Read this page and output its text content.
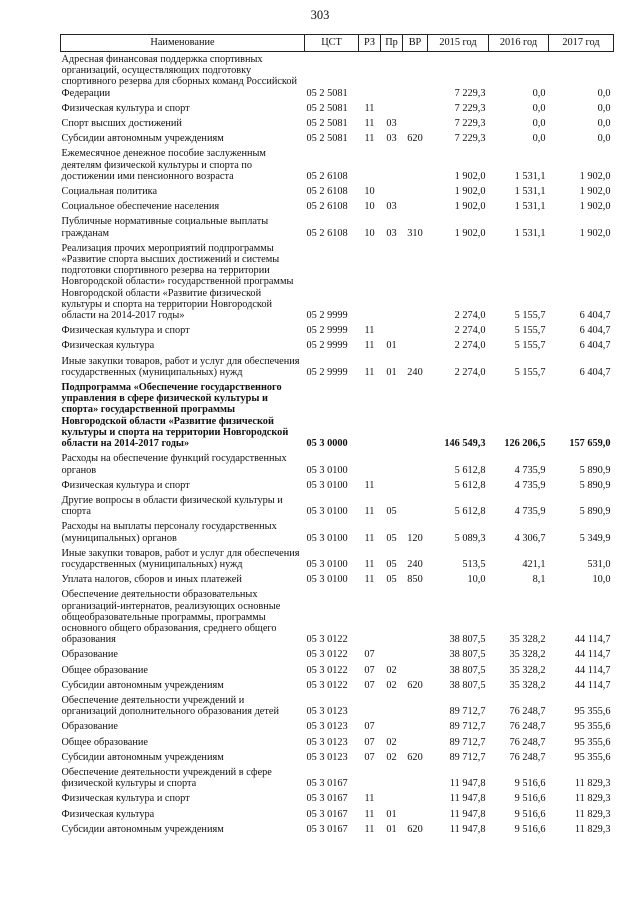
303
Наименование	ЦСТ	РЗ	Пр	ВР	2015 год	2016 год	2017 год
Адресная финансовая поддержка спортивных организаций, осуществляющих подготовку спортивного резерва для сборных команд Российской Федерации	05 2 5081				7 229,3	0,0	0,0
Физическая культура и спорт	05 2 5081	11			7 229,3	0,0	0,0
Спорт высших достижений	05 2 5081	11	03		7 229,3	0,0	0,0
Субсидии автономным учреждениям	05 2 5081	11	03	620	7 229,3	0,0	0,0
Ежемесячное денежное пособие заслуженным деятелям физической культуры и спорта по достижении ими пенсионного возраста	05 2 6108				1 902,0	1 531,1	1 902,0
Социальная политика	05 2 6108	10			1 902,0	1 531,1	1 902,0
Социальное обеспечение населения	05 2 6108	10	03		1 902,0	1 531,1	1 902,0
Публичные нормативные социальные выплаты гражданам	05 2 6108	10	03	310	1 902,0	1 531,1	1 902,0
Реализация прочих мероприятий подпрограммы «Развитие спорта высших достижений и системы подготовки спортивного резерва на территории Новгородской области» государственной программы Новгородской области «Развитие физической культуры и спорта на территории Новгородской области на 2014-2017 годы»	05 2 9999				2 274,0	5 155,7	6 404,7
Физическая культура и спорт	05 2 9999	11			2 274,0	5 155,7	6 404,7
Физическая культура	05 2 9999	11	01		2 274,0	5 155,7	6 404,7
Иные закупки товаров, работ и услуг для обеспечения государственных (муниципальных) нужд	05 2 9999	11	01	240	2 274,0	5 155,7	6 404,7
Подпрограмма «Обеспечение государственного управления в сфере физической культуры и спорта» государственной программы Новгородской области «Развитие физической культуры и спорта на территории Новгородской области на 2014-2017 годы»	05 3 0000				146 549,3	126 206,5	157 659,0
Расходы на обеспечение функций государственных органов	05 3 0100				5 612,8	4 735,9	5 890,9
Физическая культура и спорт	05 3 0100	11			5 612,8	4 735,9	5 890,9
Другие вопросы в области физической культуры и спорта	05 3 0100	11	05		5 612,8	4 735,9	5 890,9
Расходы на выплаты персоналу государственных (муниципальных) органов	05 3 0100	11	05	120	5 089,3	4 306,7	5 349,9
Иные закупки товаров, работ и услуг для обеспечения государственных (муниципальных) нужд	05 3 0100	11	05	240	513,5	421,1	531,0
Уплата налогов, сборов и иных платежей	05 3 0100	11	05	850	10,0	8,1	10,0
Обеспечение деятельности образовательных организаций-интернатов, реализующих основные общеобразовательные программы, программы основного общего образования, среднего общего образования	05 3 0122				38 807,5	35 328,2	44 114,7
Образование	05 3 0122	07			38 807,5	35 328,2	44 114,7
Общее образование	05 3 0122	07	02		38 807,5	35 328,2	44 114,7
Субсидии автономным учреждениям	05 3 0122	07	02	620	38 807,5	35 328,2	44 114,7
Обеспечение деятельности учреждений и организаций дополнительного образования детей	05 3 0123				89 712,7	76 248,7	95 355,6
Образование	05 3 0123	07			89 712,7	76 248,7	95 355,6
Общее образование	05 3 0123	07	02		89 712,7	76 248,7	95 355,6
Субсидии автономным учреждениям	05 3 0123	07	02	620	89 712,7	76 248,7	95 355,6
Обеспечение деятельности учреждений в сфере физической культуры и спорта	05 3 0167				11 947,8	9 516,6	11 829,3
Физическая культура и спорт	05 3 0167	11			11 947,8	9 516,6	11 829,3
Физическая культура	05 3 0167	11	01		11 947,8	9 516,6	11 829,3
Субсидии автономным учреждениям	05 3 0167	11	01	620	11 947,8	9 516,6	11 829,3
